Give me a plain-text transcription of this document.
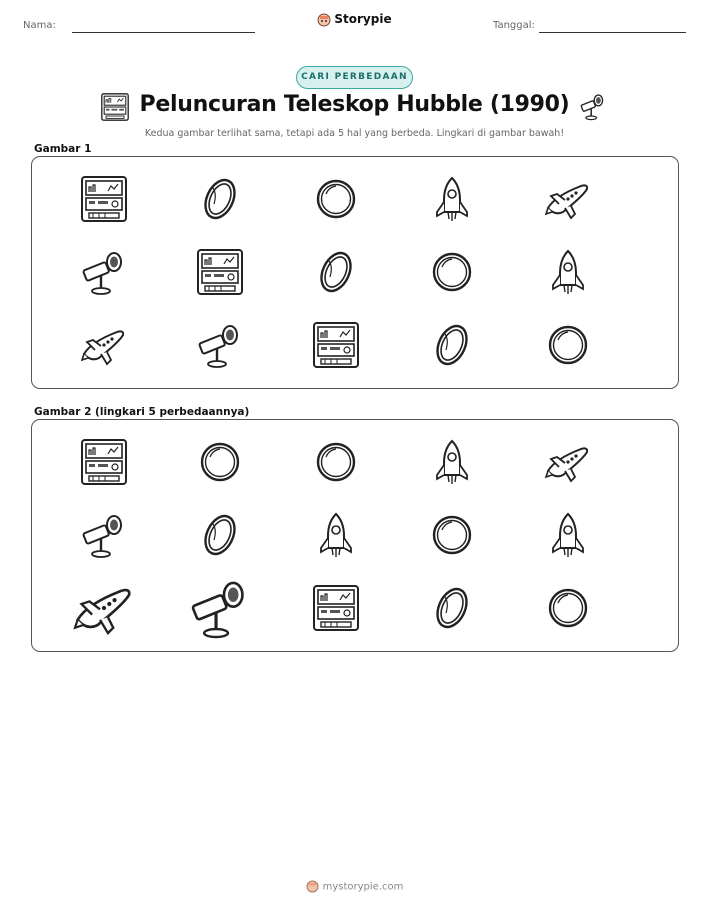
Nama:	Storypie	Tanggal:
CARI PERBEDAAN
Peluncuran Teleskop Hubble (1990)
Kedua gambar terlihat sama, tetapi ada 5 hal yang berbeda. Lingkari di gambar bawah!
Gambar 1
Gambar 2 (lingkari 5 perbedaannya)
mystorypie.com
